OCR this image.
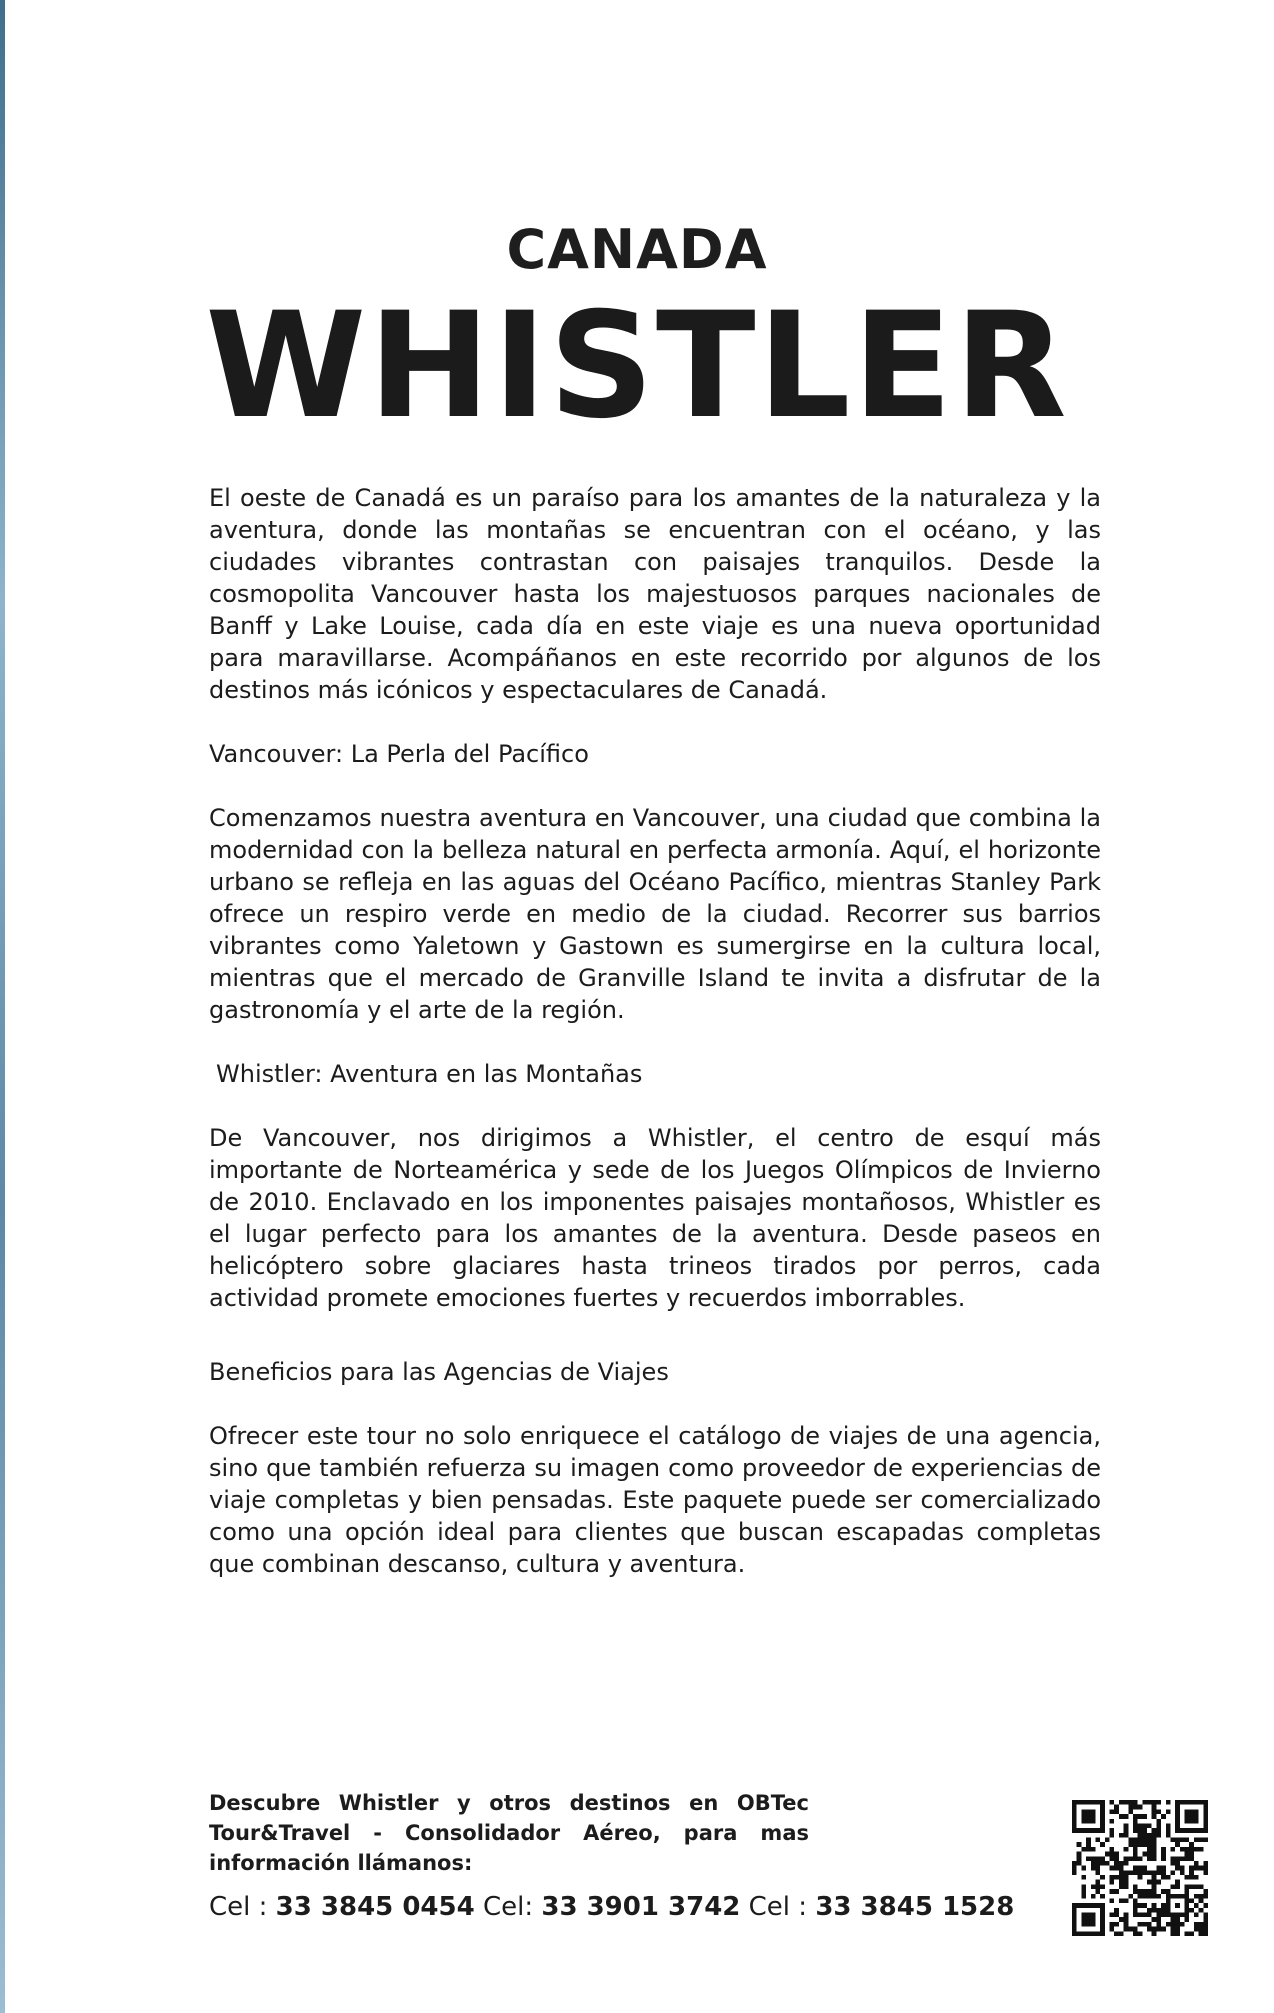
CANADA
WHISTLER

El oeste de Canadá es un paraíso para los amantes de la naturaleza y la aventura, donde las montañas se encuentran con el océano, y las ciudades vibrantes contrastan con paisajes tranquilos. Desde la cosmopolita Vancouver hasta los majestuosos parques nacionales de Banff y Lake Louise, cada día en este viaje es una nueva oportunidad para maravillarse. Acompáñanos en este recorrido por algunos de los destinos más icónicos y espectaculares de Canadá.

Vancouver: La Perla del Pacífico

Comenzamos nuestra aventura en Vancouver, una ciudad que combina la modernidad con la belleza natural en perfecta armonía. Aquí, el horizonte urbano se refleja en las aguas del Océano Pacífico, mientras Stanley Park ofrece un respiro verde en medio de la ciudad. Recorrer sus barrios vibrantes como Yaletown y Gastown es sumergirse en la cultura local, mientras que el mercado de Granville Island te invita a disfrutar de la gastronomía y el arte de la región.

Whistler: Aventura en las Montañas

De Vancouver, nos dirigimos a Whistler, el centro de esquí más importante de Norteamérica y sede de los Juegos Olímpicos de Invierno de 2010. Enclavado en los imponentes paisajes montañosos, Whistler es el lugar perfecto para los amantes de la aventura. Desde paseos en helicóptero sobre glaciares hasta trineos tirados por perros, cada actividad promete emociones fuertes y recuerdos imborrables.

Beneficios para las Agencias de Viajes

Ofrecer este tour no solo enriquece el catálogo de viajes de una agencia, sino que también refuerza su imagen como proveedor de experiencias de viaje completas y bien pensadas. Este paquete puede ser comercializado como una opción ideal para clientes que buscan escapadas completas que combinan descanso, cultura y aventura.

Descubre Whistler y otros destinos en OBTec Tour&Travel - Consolidador Aéreo, para mas información llámanos:
Cel : 33 3845 0454 Cel: 33 3901 3742 Cel : 33 3845 1528
